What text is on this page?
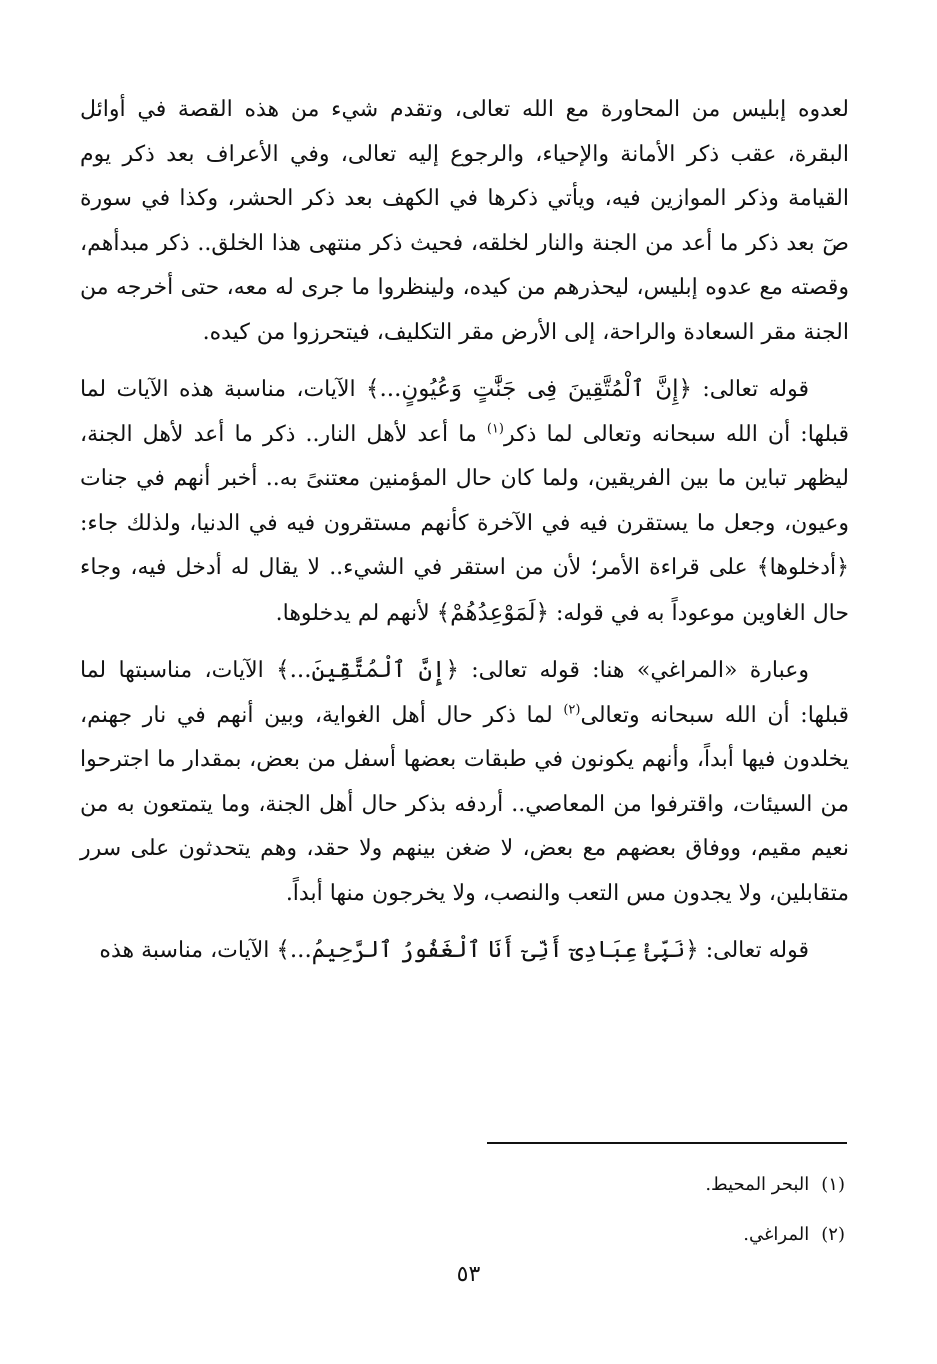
لعدوه إبليس من المحاورة مع الله تعالى، وتقدم شيء من هذه القصة في أوائل البقرة، عقب ذكر الأمانة والإحياء، والرجوع إليه تعالى، وفي الأعراف بعد ذكر يوم القيامة وذكر الموازين فيه، ويأتي ذكرها في الكهف بعد ذكر الحشر، وكذا في سورة صٓ بعد ذكر ما أعد من الجنة والنار لخلقه، فحيث ذكر منتهى هذا الخلق.. ذكر مبدأهم، وقصته مع عدوه إبليس، ليحذرهم من كيده، ولينظروا ما جرى له معه، حتى أخرجه من الجنة مقر السعادة والراحة، إلى الأرض مقر التكليف، فيتحرزوا من كيده.

قوله تعالى: ﴿إِنَّ ٱلْمُتَّقِينَ فِى جَنَّٰتٍ وَعُيُونٍ...﴾ الآيات، مناسبة هذه الآيات لما قبلها: أن الله سبحانه وتعالى لما ذكر$^{(١)}$ ما أعد لأهل النار.. ذكر ما أعد لأهل الجنة، ليظهر تباين ما بين الفريقين، ولما كان حال المؤمنين معتنىً به.. أخبر أنهم في جنات وعيون، وجعل ما يستقرن فيه في الآخرة كأنهم مستقرون فيه في الدنيا، ولذلك جاء: ﴿أدخلوها﴾ على قراءة الأمر؛ لأن من استقر في الشيء.. لا يقال له أدخل فيه، وجاء حال الغاوين موعوداً به في قوله: ﴿لَمَوْعِدُهُمْ﴾ لأنهم لم يدخلوها.

وعبارة «المراغي» هنا: قوله تعالى: ﴿إِنَّ ٱلْمُتَّقِينَ...﴾ الآيات، مناسبتها لما قبلها: أن الله سبحانه وتعالى$^{(٢)}$ لما ذكر حال أهل الغواية، وبين أنهم في نار جهنم، يخلدون فيها أبداً، وأنهم يكونون في طبقات بعضها أسفل من بعض، بمقدار ما اجترحوا من السيئات، واقترفوا من المعاصي.. أردفه بذكر حال أهل الجنة، وما يتمتعون به من نعيم مقيم، ووفاق بعضهم مع بعض، لا ضغن بينهم ولا حقد، وهم يتحدثون على سرر متقابلين، ولا يجدون مس التعب والنصب، ولا يخرجون منها أبداً.

قوله تعالى: ﴿نَبِّئْ عِبَادِىٓ أَنِّىٓ أَنَا ٱلْغَفُورُ ٱلرَّحِيمُ...﴾ الآيات، مناسبة هذه

(١)البحر المحيط.
(٢)المراغي.
٥٣
